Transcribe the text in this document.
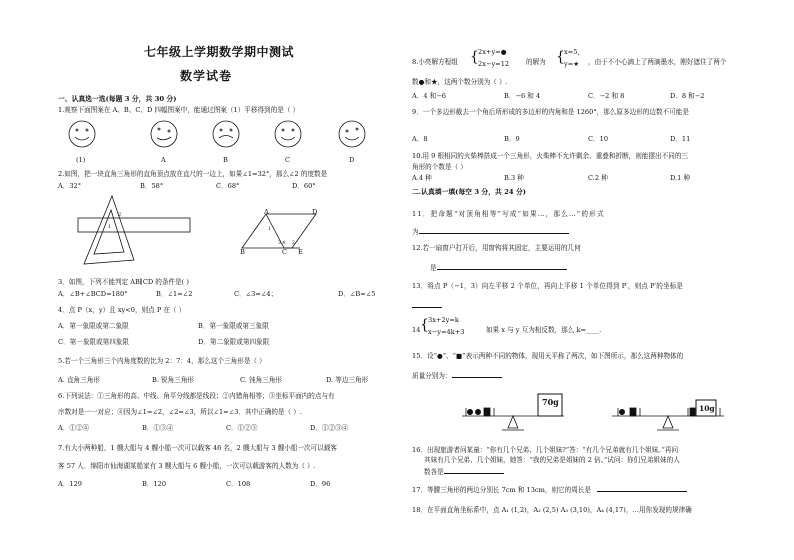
七年级上学期数学期中测试
数学试卷
一、认真选一选(每题 3 分，共 30 分)
1.观察下面图案在 A、B、C、D 四幅图案中，能通过图案（1）平移得到的是（ ）
(1)	A	B	C	D
2.如图，把一块直角三角形的直角顶点放在直尺的一边上，如果∠1=32°，那么∠2 的度数是
A．32°	B．58°	C．68°	D．60°
1
2
1
3 4 2
A	D
B	C E
3．如图，下列不能判定 AB∥CD 的条件是( )
A．∠B+∠BCD=180°	B．∠1=∠2	C．∠3=∠4；	D．∠B=∠5
4．点 P（x，y）且 xy<0，则点 P 在（ ）
A．第一象限或第二象限	B．第一象限或第三象限
C．第一象限或第四象限	D．第二象限或第四象限
5.若一个三角形三个内角度数的比为 2：7：4，那么这个三角形是（ ）
A. 直角三角形	B. 锐角三角形	C. 钝角三角形	D. 等边三角形
6.下列说法：①三角形的高、中线、角平分线都是线段；②内错角相等；③坐标平面内的点与有
序数对是一一对应；④因为∠1=∠2，∠2=∠3，所以∠1=∠3．其中正确的是（ ）.
A．①②④	B．①③④	C．①②③	D．①②③④
7.有大小两种船，1 艘大船与 4 艘小船一次可以载客 46 名，2 艘大船与 3 艘小船一次可以载客
客 57 人．绵阳市仙海湖某船家有 3 艘大船与 6 艘小船，一次可以载游客的人数为（ ）.
A．129	B．120	C．108	D．96
8.小亮解方程组 { 2x+y=●
2x−y=12	的解为 { x=5,
y=★ ，由于不小心滴上了两滴墨水，刚好遮住了两个
数●和★，这两个数分别为（ ）.
A．4 和−6	B．−6 和 4	C．−2 和 8	D．8 和−2
9．一个多边形截去一个角后所形成的多边形的内角和是 1260°，那么原多边形的边数不可能是
A．8	B．9	C．10	D．11
10.用 9 根相同的火柴棒搭成一个三角形，火柴棒不允许剩余、重叠和折断，则能摆出不同的三
角形的个数是（ ）
A.4 种	B.3 种	C.2 种	D.1 种
二.认真填一填(每空 3 分，共 24 分)
11．把命题“对顶角相等”写成“如果…，那么…”的形式
为
12.若一扇窗户打开后，用窗钩将其固定，主要运用的几何
是
13．将点 P（−1，3）向左平移 2 个单位，再向上平移 1 个单位得到 P′，则点 P′的坐标是
14 { 3x+2y=k
x−y=4k+3	如果 x 与 y 互为相反数，那么 k=____.
15．设“●”、“■”表示两种不同的物体，现用天平称了两次，如下图所示，那么这两种物体的
质量分别为：
70g
10g
16．出现旅游者问某童：“你有几个兄弟、几个姐妹?”答：“有几个兄弟就有几个姐妹。”再问
其妹有几个兄弟、几个姐妹，她答：“我的兄弟是姐妹的 2 倍。”试问：你们兄弟姐妹的人
数各是
17．等腰三角形的两边分别长 7cm 和 13cm，则它的周长是
18．在平面直角坐标系中，点 A₁ (1,2)，A₂ (2,5) A₃ (3,10)，A₄ (4,17)，…用你发现的规律确
